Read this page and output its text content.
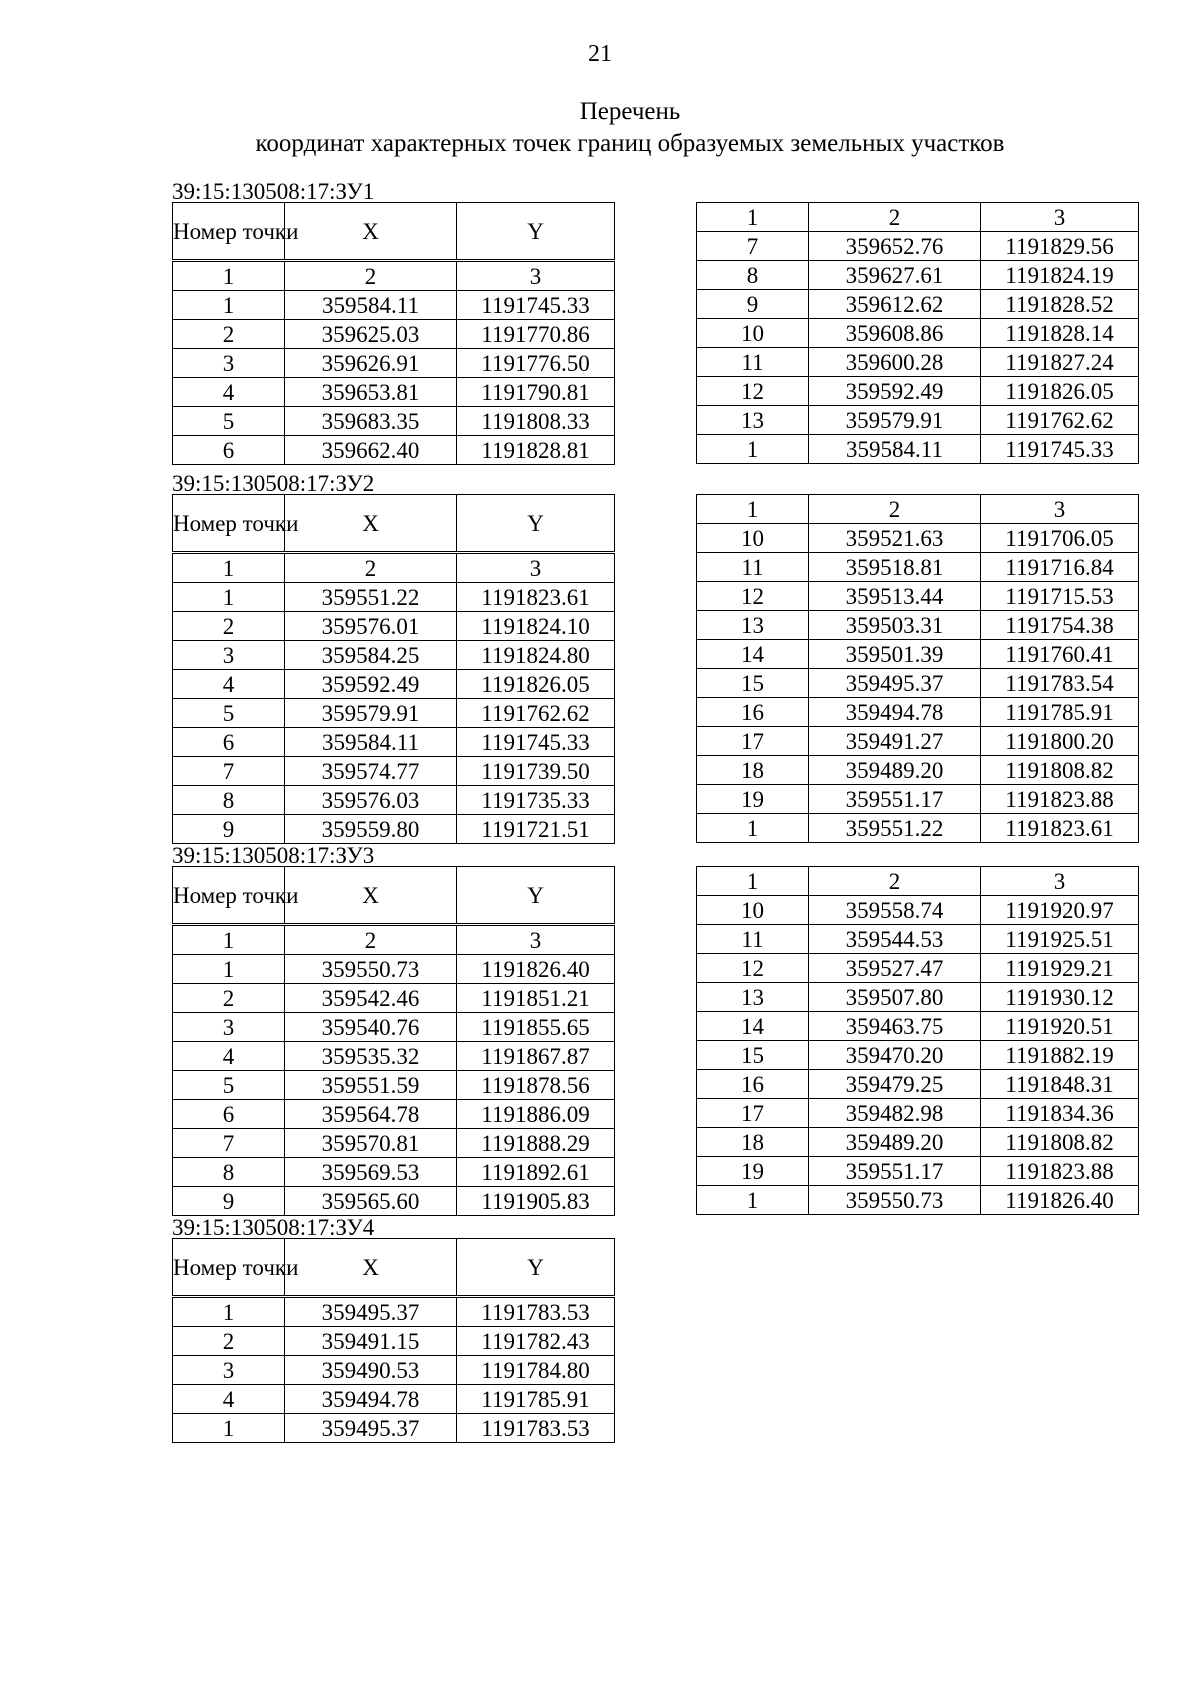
21
Перечень
координат характерных точек границ образуемых земельных участков
39:15:130508:17:ЗУ1
Номер точки	X	Y
1	2	3
1	359584.11	1191745.33
2	359625.03	1191770.86
3	359626.91	1191776.50
4	359653.81	1191790.81
5	359683.35	1191808.33
6	359662.40	1191828.81
1	2	3
7	359652.76	1191829.56
8	359627.61	1191824.19
9	359612.62	1191828.52
10	359608.86	1191828.14
11	359600.28	1191827.24
12	359592.49	1191826.05
13	359579.91	1191762.62
1	359584.11	1191745.33
39:15:130508:17:ЗУ2
Номер точки	X	Y
1	2	3
1	359551.22	1191823.61
2	359576.01	1191824.10
3	359584.25	1191824.80
4	359592.49	1191826.05
5	359579.91	1191762.62
6	359584.11	1191745.33
7	359574.77	1191739.50
8	359576.03	1191735.33
9	359559.80	1191721.51
1	2	3
10	359521.63	1191706.05
11	359518.81	1191716.84
12	359513.44	1191715.53
13	359503.31	1191754.38
14	359501.39	1191760.41
15	359495.37	1191783.54
16	359494.78	1191785.91
17	359491.27	1191800.20
18	359489.20	1191808.82
19	359551.17	1191823.88
1	359551.22	1191823.61
39:15:130508:17:ЗУ3
Номер точки	X	Y
1	2	3
1	359550.73	1191826.40
2	359542.46	1191851.21
3	359540.76	1191855.65
4	359535.32	1191867.87
5	359551.59	1191878.56
6	359564.78	1191886.09
7	359570.81	1191888.29
8	359569.53	1191892.61
9	359565.60	1191905.83
1	2	3
10	359558.74	1191920.97
11	359544.53	1191925.51
12	359527.47	1191929.21
13	359507.80	1191930.12
14	359463.75	1191920.51
15	359470.20	1191882.19
16	359479.25	1191848.31
17	359482.98	1191834.36
18	359489.20	1191808.82
19	359551.17	1191823.88
1	359550.73	1191826.40
39:15:130508:17:ЗУ4
Номер точки	X	Y
1	359495.37	1191783.53
2	359491.15	1191782.43
3	359490.53	1191784.80
4	359494.78	1191785.91
1	359495.37	1191783.53
